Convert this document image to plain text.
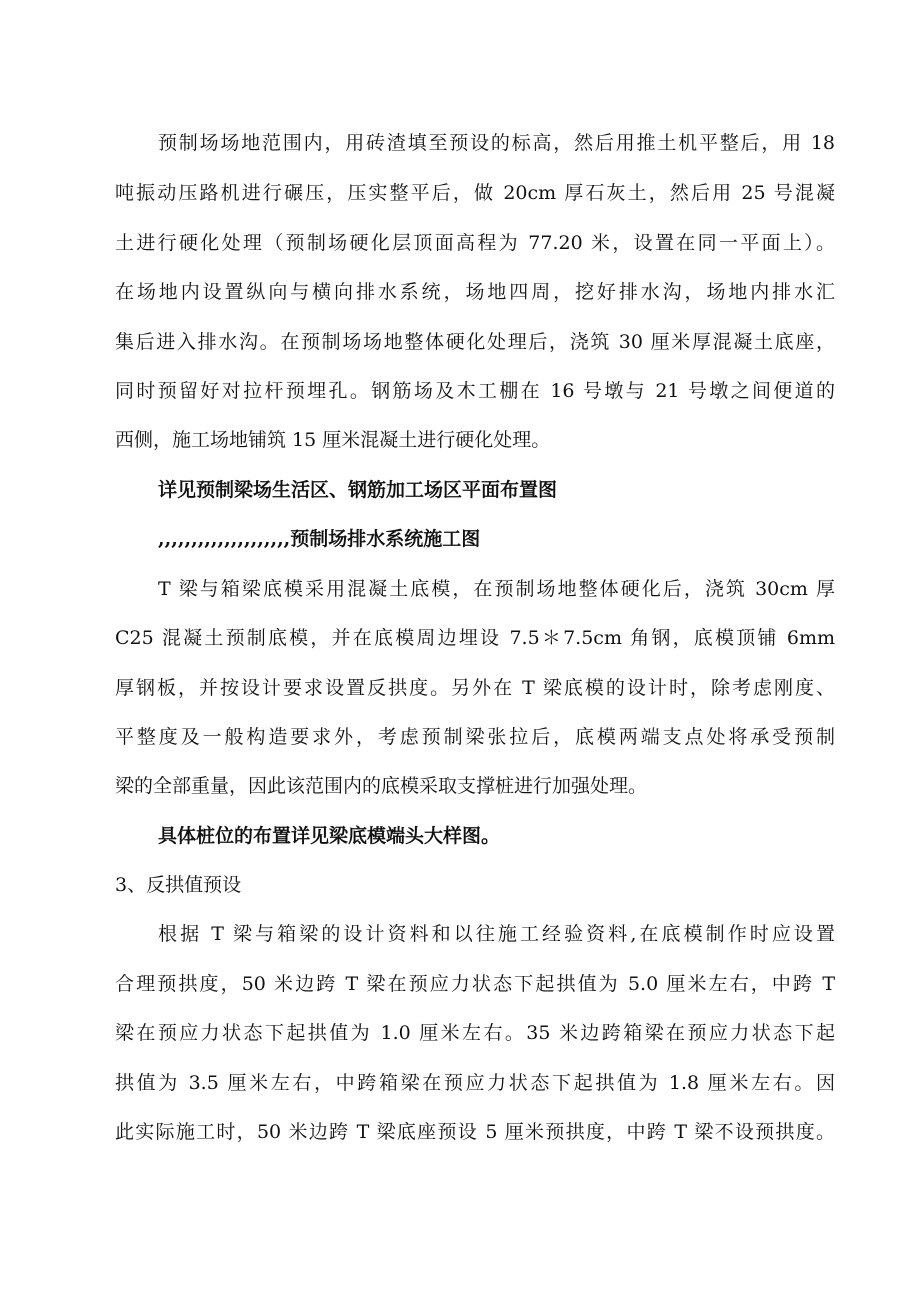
预制场场地范围内，用砖渣填至预设的标高，然后用推土机平整后，用 18
吨振动压路机进行碾压，压实整平后，做 20cm 厚石灰土，然后用 25 号混凝
土进行硬化处理（预制场硬化层顶面高程为 77.20 米，设置在同一平面上）。
在场地内设置纵向与横向排水系统，场地四周，挖好排水沟，场地内排水汇
集后进入排水沟。在预制场场地整体硬化处理后，浇筑 30 厘米厚混凝土底座，
同时预留好对拉杆预埋孔。钢筋场及木工棚在 16 号墩与 21 号墩之间便道的
西侧，施工场地铺筑 15 厘米混凝土进行硬化处理。
详见预制梁场生活区、钢筋加工场区平面布置图
,,,,,,,,,,,,,,,,,,,,预制场排水系统施工图
T 梁与箱梁底模采用混凝土底模，在预制场地整体硬化后，浇筑 30cm 厚
C25 混凝土预制底模，并在底模周边埋设 7.5＊7.5cm 角钢，底模顶铺 6mm
厚钢板，并按设计要求设置反拱度。另外在 T 梁底模的设计时，除考虑刚度、
平整度及一般构造要求外，考虑预制梁张拉后，底模两端支点处将承受预制
梁的全部重量，因此该范围内的底模采取支撑桩进行加强处理。
具体桩位的布置详见梁底模端头大样图。
3、反拱值预设
根据 T 梁与箱梁的设计资料和以往施工经验资料,在底模制作时应设置
合理预拱度，50 米边跨 T 梁在预应力状态下起拱值为 5.0 厘米左右，中跨 T
梁在预应力状态下起拱值为 1.0 厘米左右。35 米边跨箱梁在预应力状态下起
拱值为 3.5 厘米左右，中跨箱梁在预应力状态下起拱值为 1.8 厘米左右。因
此实际施工时，50 米边跨 T 梁底座预设 5 厘米预拱度，中跨 T 梁不设预拱度。
